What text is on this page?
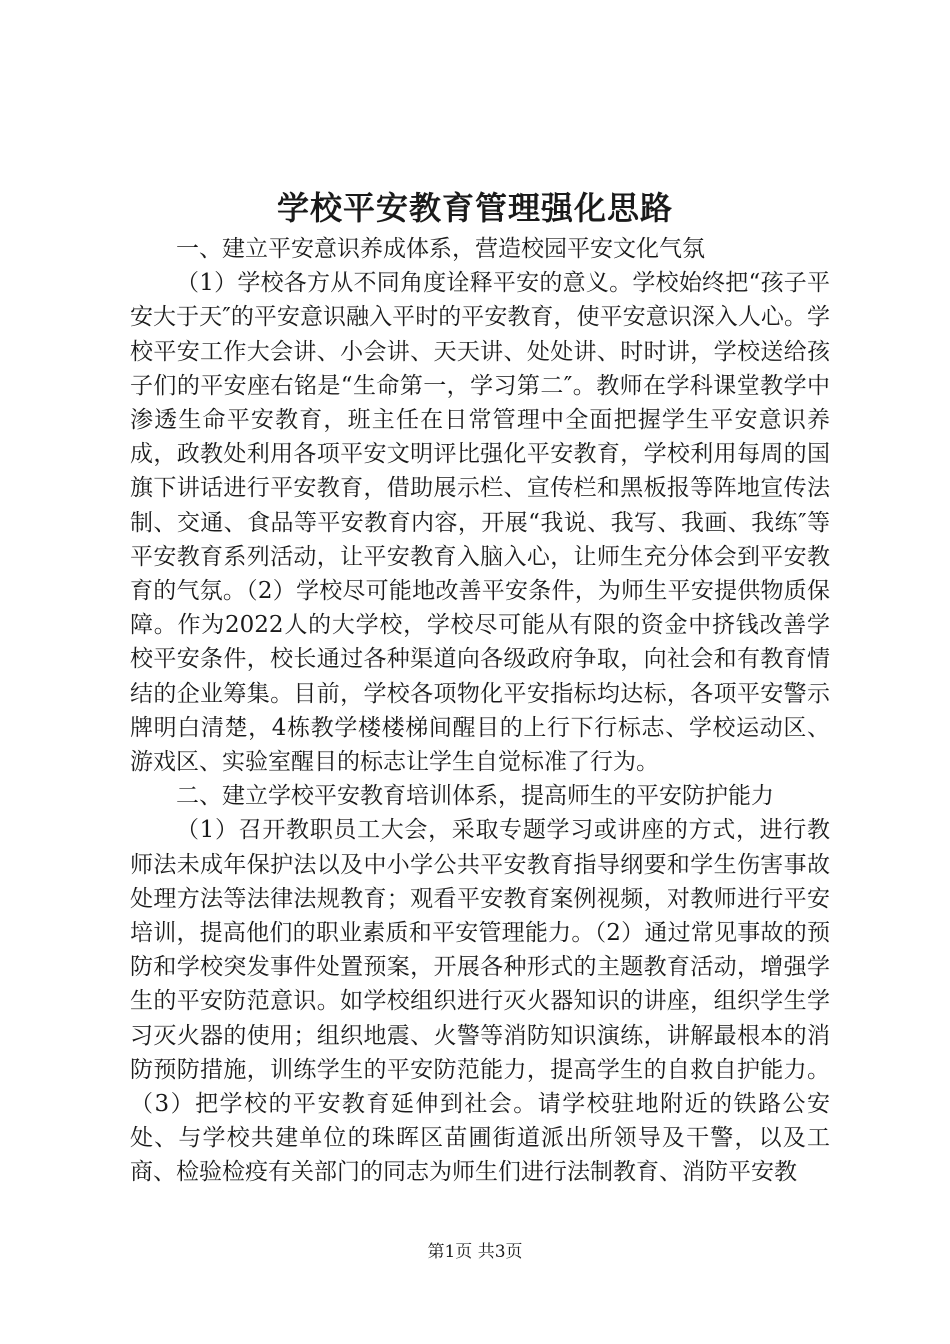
学校平安教育管理强化思路

一、建立平安意识养成体系，营造校园平安文化气氛

（1）学校各方从不同角度诠释平安的意义。学校始终把“孩子平安大于天″的平安意识融入平时的平安教育，使平安意识深入人心。学校平安工作大会讲、小会讲、天天讲、处处讲、时时讲，学校送给孩子们的平安座右铭是“生命第一，学习第二″。教师在学科课堂教学中渗透生命平安教育，班主任在日常管理中全面把握学生平安意识养成，政教处利用各项平安文明评比强化平安教育，学校利用每周的国旗下讲话进行平安教育，借助展示栏、宣传栏和黑板报等阵地宣传法制、交通、食品等平安教育内容，开展“我说、我写、我画、我练″等平安教育系列活动，让平安教育入脑入心，让师生充分体会到平安教育的气氛。（2）学校尽可能地改善平安条件，为师生平安提供物质保障。作为2022人的大学校，学校尽可能从有限的资金中挤钱改善学校平安条件，校长通过各种渠道向各级政府争取，向社会和有教育情结的企业筹集。目前，学校各项物化平安指标均达标，各项平安警示牌明白清楚，4栋教学楼楼梯间醒目的上行下行标志、学校运动区、游戏区、实验室醒目的标志让学生自觉标准了行为。

二、建立学校平安教育培训体系，提高师生的平安防护能力

（1）召开教职员工大会，采取专题学习或讲座的方式，进行教师法未成年保护法以及中小学公共平安教育指导纲要和学生伤害事故处理方法等法律法规教育；观看平安教育案例视频，对教师进行平安培训，提高他们的职业素质和平安管理能力。（2）通过常见事故的预防和学校突发事件处置预案，开展各种形式的主题教育活动，增强学生的平安防范意识。如学校组织进行灭火器知识的讲座，组织学生学习灭火器的使用；组织地震、火警等消防知识演练，讲解最根本的消防预防措施，训练学生的平安防范能力，提高学生的自救自护能力。（3）把学校的平安教育延伸到社会。请学校驻地附近的铁路公安处、与学校共建单位的珠晖区苗圃街道派出所领导及干警，以及工商、检验检疫有关部门的同志为师生们进行法制教育、消防平安教

第1页 共3页
